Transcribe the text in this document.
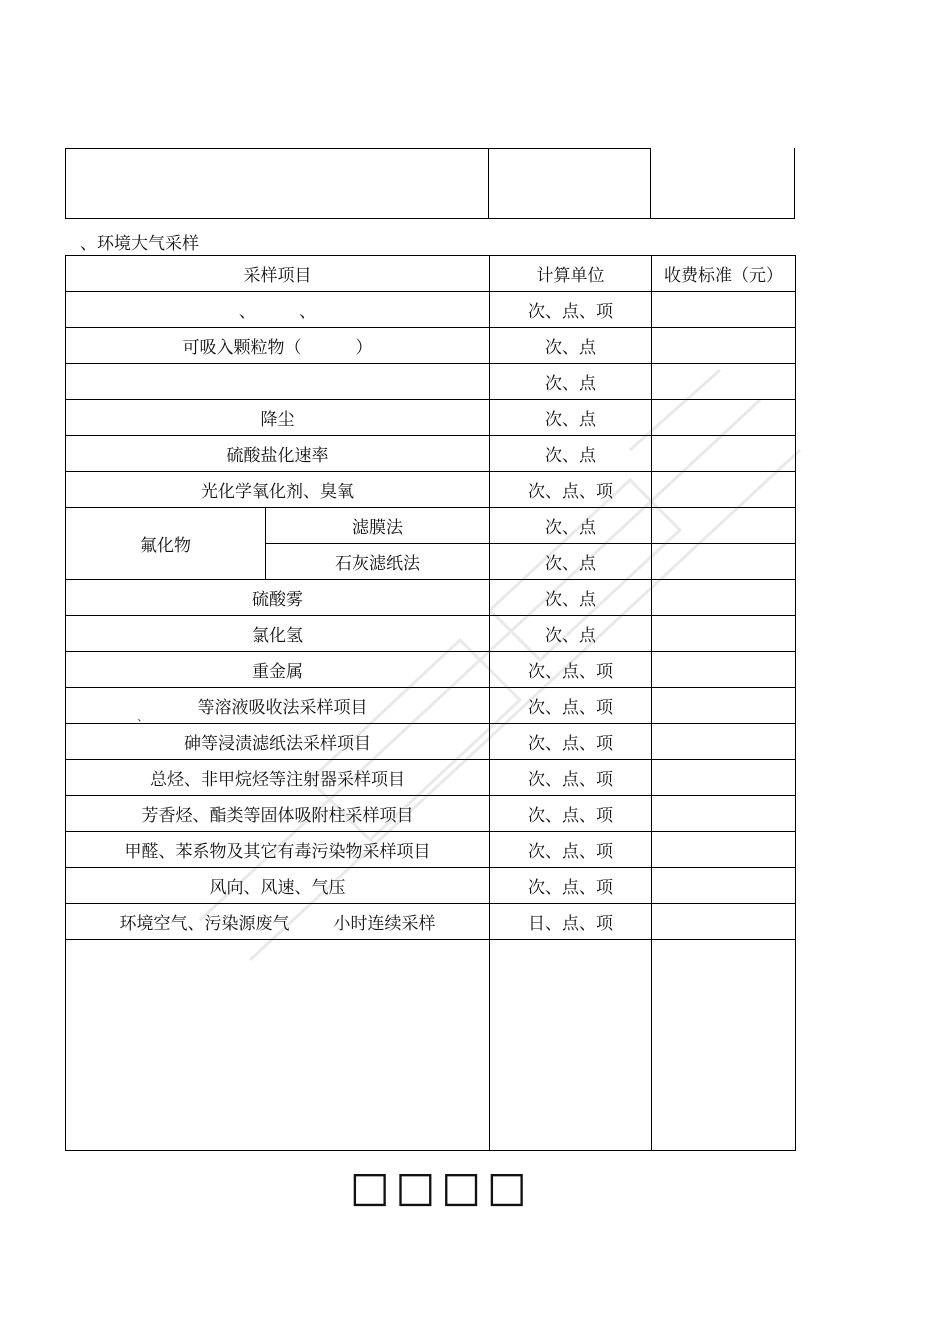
、环境大气采样
采样项目		计算单位	收费标准（元）
、        、		次、点、项	
可吸入颗粒物（          ）		次、点	
		次、点	
降尘		次、点	
硫酸盐化速率		次、点	
光化学氧化剂、臭氧		次、点、项	
氟化物	滤膜法	次、点	
	石灰滤纸法	次、点	
硫酸雾		次、点	
氯化氢		次、点	
重金属		次、点、项	
$_、$等溶液吸收法采样项目		次、点、项	
砷等浸渍滤纸法采样项目		次、点、项	
总烃、非甲烷烃等注射器采样项目		次、点、项	
芳香烃、酯类等固体吸附柱采样项目		次、点、项	
甲醛、苯系物及其它有毒污染物采样项目		次、点、项	
风向、风速、气压		次、点、项	
环境空气、污染源废气 小时连续采样		日、点、项	

□□□□
